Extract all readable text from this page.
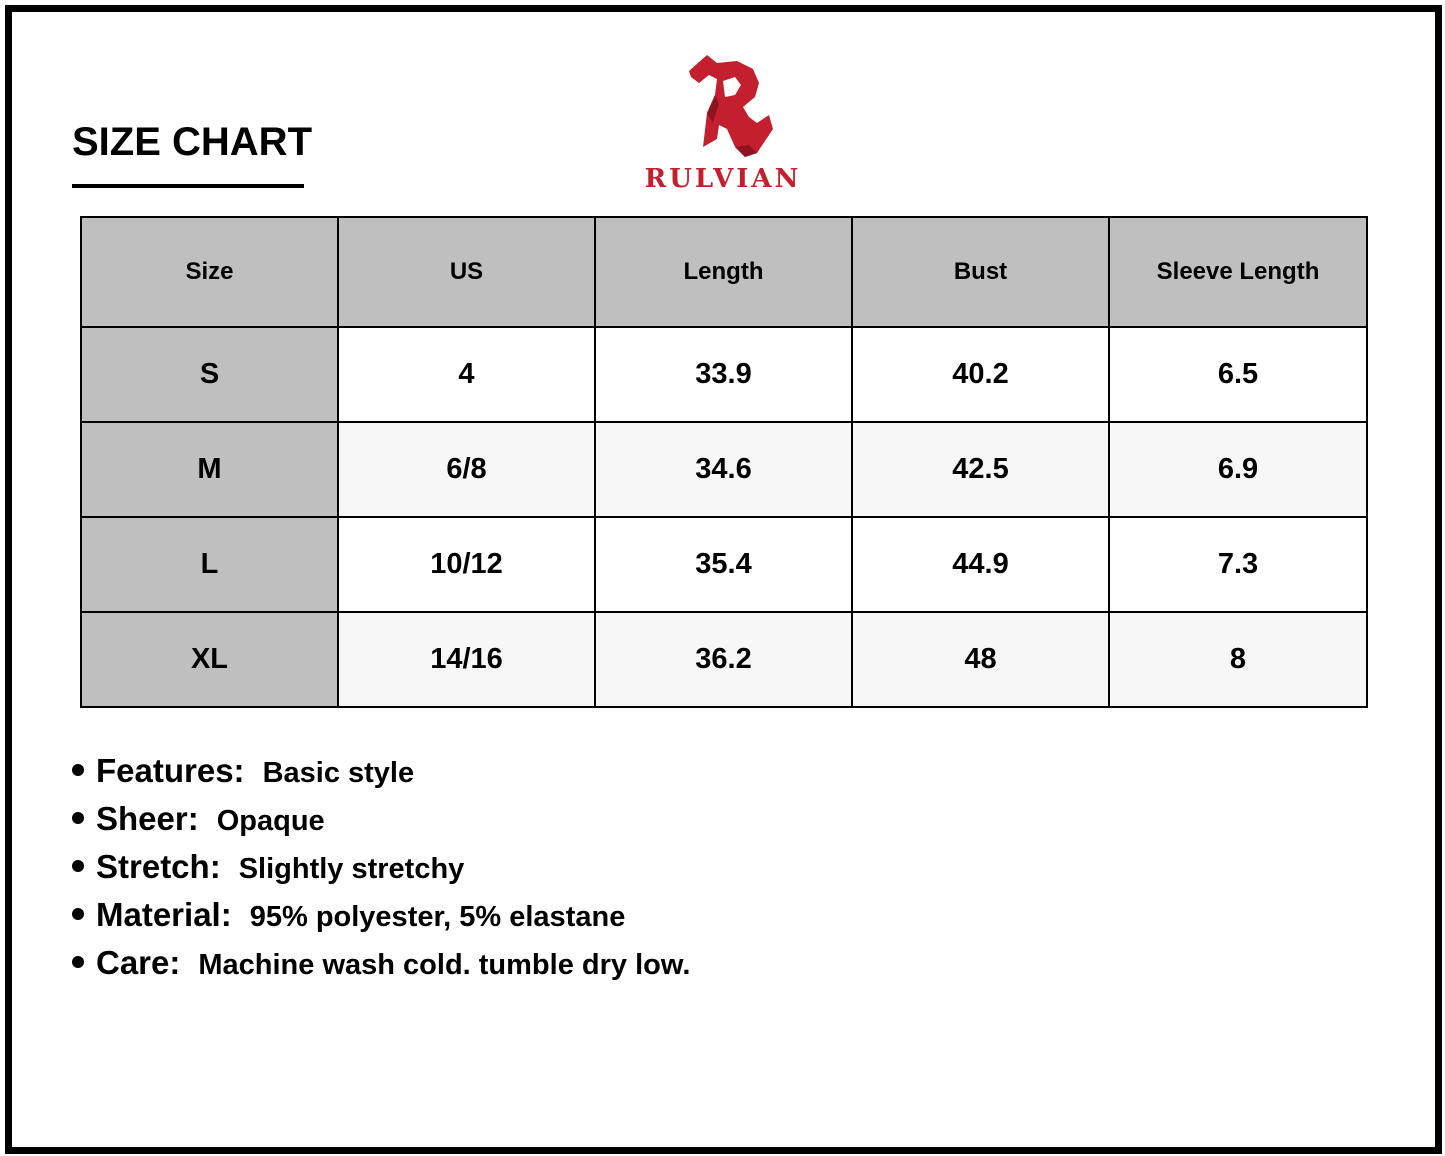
SIZE CHART
RULVIAN
Size	US	Length	Bust	Sleeve Length
S	4	33.9	40.2	6.5
M	6/8	34.6	42.5	6.9
L	10/12	35.4	44.9	7.3
XL	14/16	36.2	48	8
Features: Basic style
Sheer: Opaque
Stretch: Slightly stretchy
Material: 95% polyester, 5% elastane
Care: Machine wash cold. tumble dry low.
